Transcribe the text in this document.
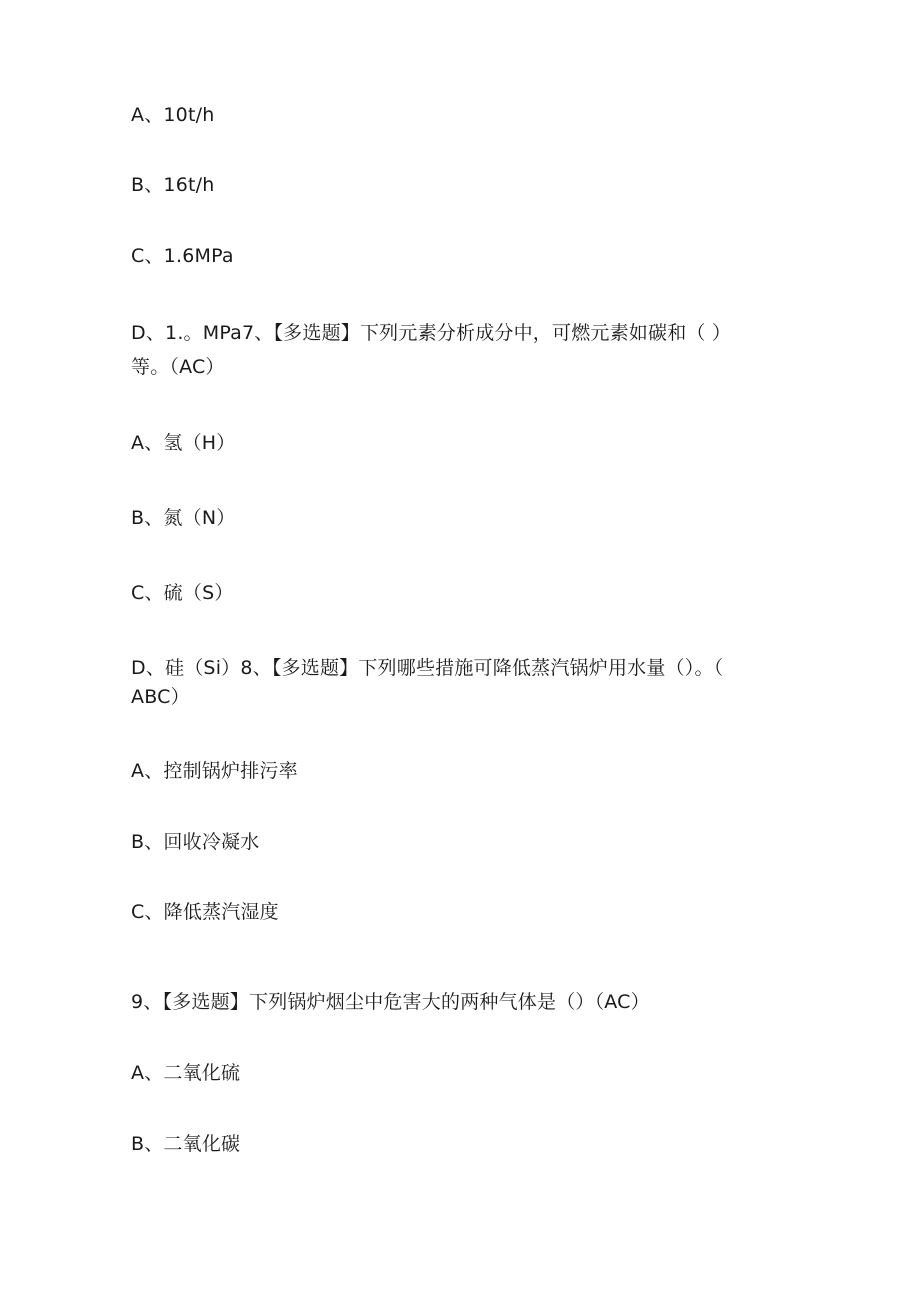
A、10t/h
B、16t/h
C、1.6MPa
D、1.。MPa7、【多选题】下列元素分析成分中，可燃元素如碳和（ ）
等。（AC）
A、氢（H）
B、氮（N）
C、硫（S）
D、硅（Si）8、【多选题】下列哪些措施可降低蒸汽锅炉用水量（）。（
ABC）
A、控制锅炉排污率
B、回收冷凝水
C、降低蒸汽湿度
9、【多选题】下列锅炉烟尘中危害大的两种气体是（）（AC）
A、二氧化硫
B、二氧化碳
